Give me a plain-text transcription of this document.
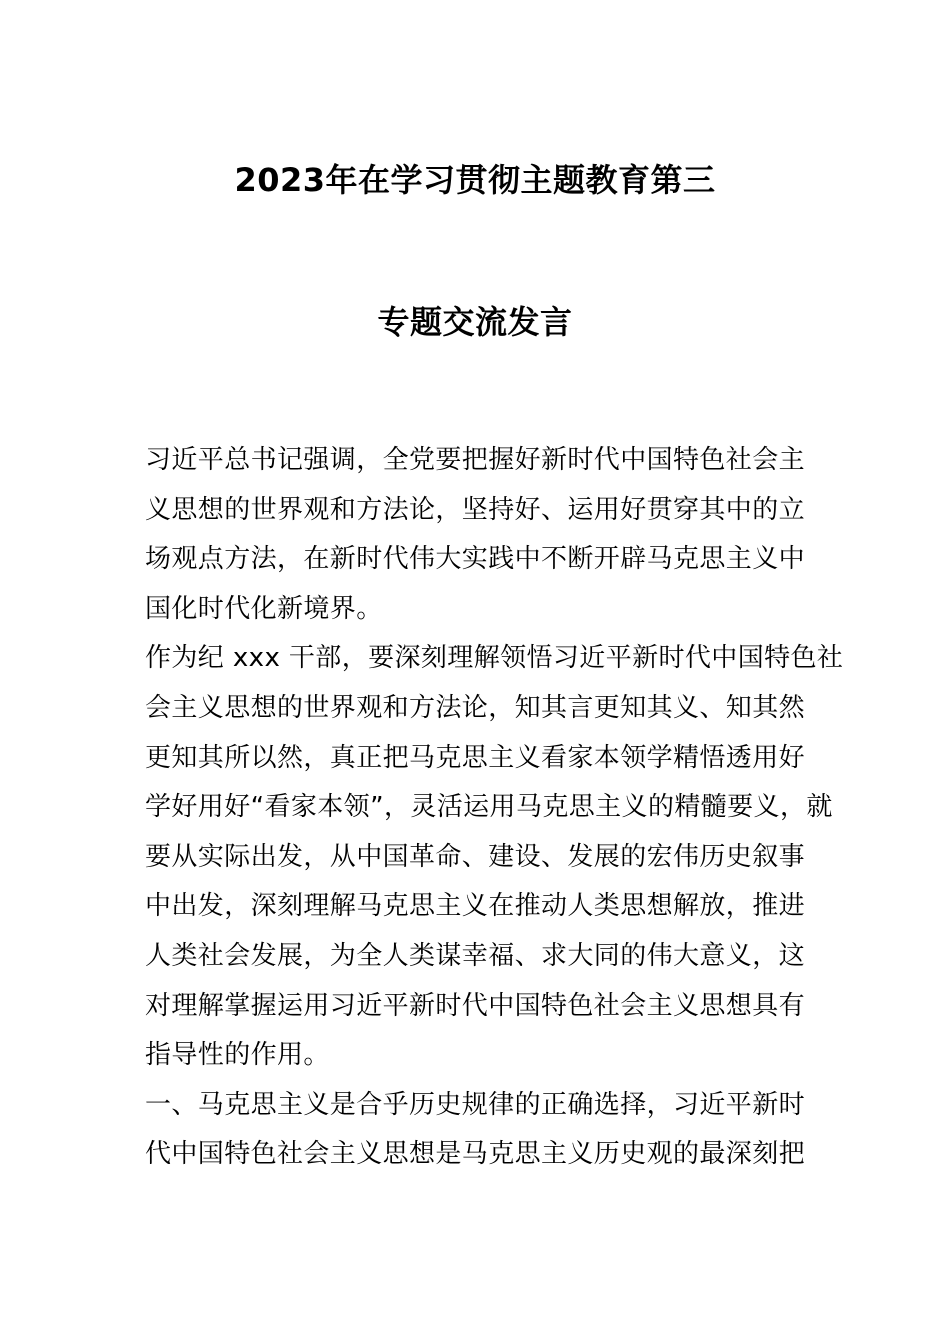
2023年在学习贯彻主题教育第三
专题交流发言
习近平总书记强调，全党要把握好新时代中国特色社会主
义思想的世界观和方法论，坚持好、运用好贯穿其中的立
场观点方法，在新时代伟大实践中不断开辟马克思主义中
国化时代化新境界。
作为纪 xxx 干部，要深刻理解领悟习近平新时代中国特色社
会主义思想的世界观和方法论，知其言更知其义、知其然
更知其所以然，真正把马克思主义看家本领学精悟透用好
学好用好“看家本领”，灵活运用马克思主义的精髓要义，就
要从实际出发，从中国革命、建设、发展的宏伟历史叙事
中出发，深刻理解马克思主义在推动人类思想解放，推进
人类社会发展，为全人类谋幸福、求大同的伟大意义，这
对理解掌握运用习近平新时代中国特色社会主义思想具有
指导性的作用。
一、马克思主义是合乎历史规律的正确选择，习近平新时
代中国特色社会主义思想是马克思主义历史观的最深刻把
